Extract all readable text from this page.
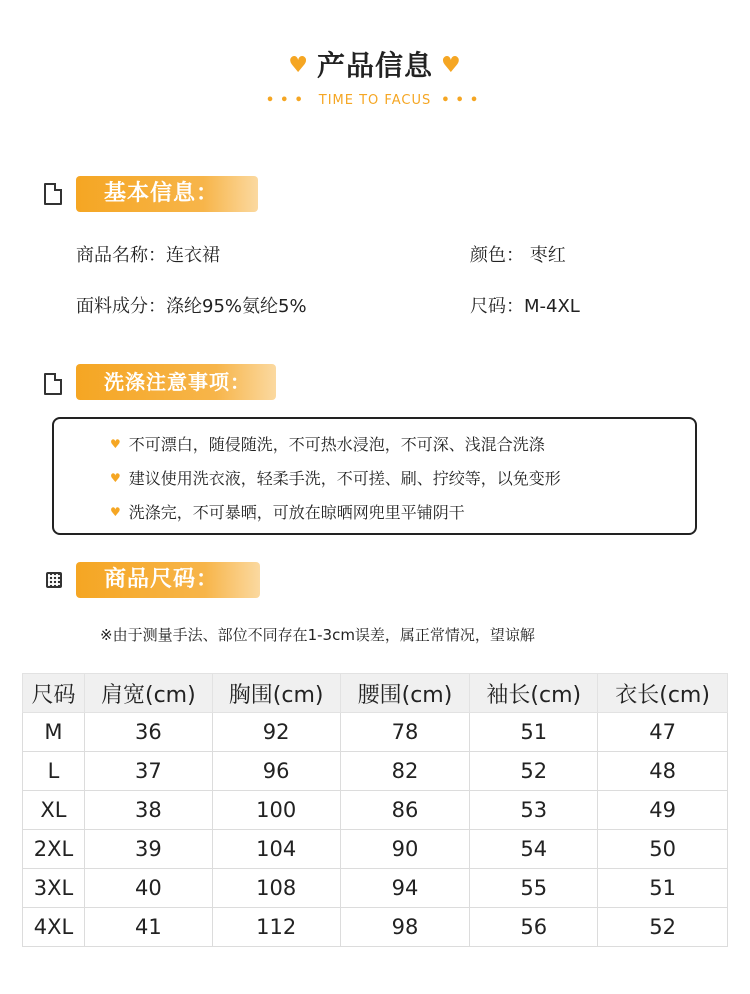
♥ 产品信息 ♥
••• TIME TO FACUS •••
基本信息：
商品名称：连衣裙	颜色： 枣红
面料成分：涤纶95%氨纶5%	尺码：M-4XL
洗涤注意事项：
♥ 不可漂白，随侵随洗，不可热水浸泡，不可深、浅混合洗涤
♥ 建议使用洗衣液，轻柔手洗，不可搓、刷、拧绞等，以免变形
♥ 洗涤完，不可暴晒，可放在晾晒网兜里平铺阴干
商品尺码：
※由于测量手法、部位不同存在1-3cm误差，属正常情况，望谅解
尺码	肩宽(cm)	胸围(cm)	腰围(cm)	袖长(cm)	衣长(cm)
M	36	92	78	51	47
L	37	96	82	52	48
XL	38	100	86	53	49
2XL	39	104	90	54	50
3XL	40	108	94	55	51
4XL	41	112	98	56	52
